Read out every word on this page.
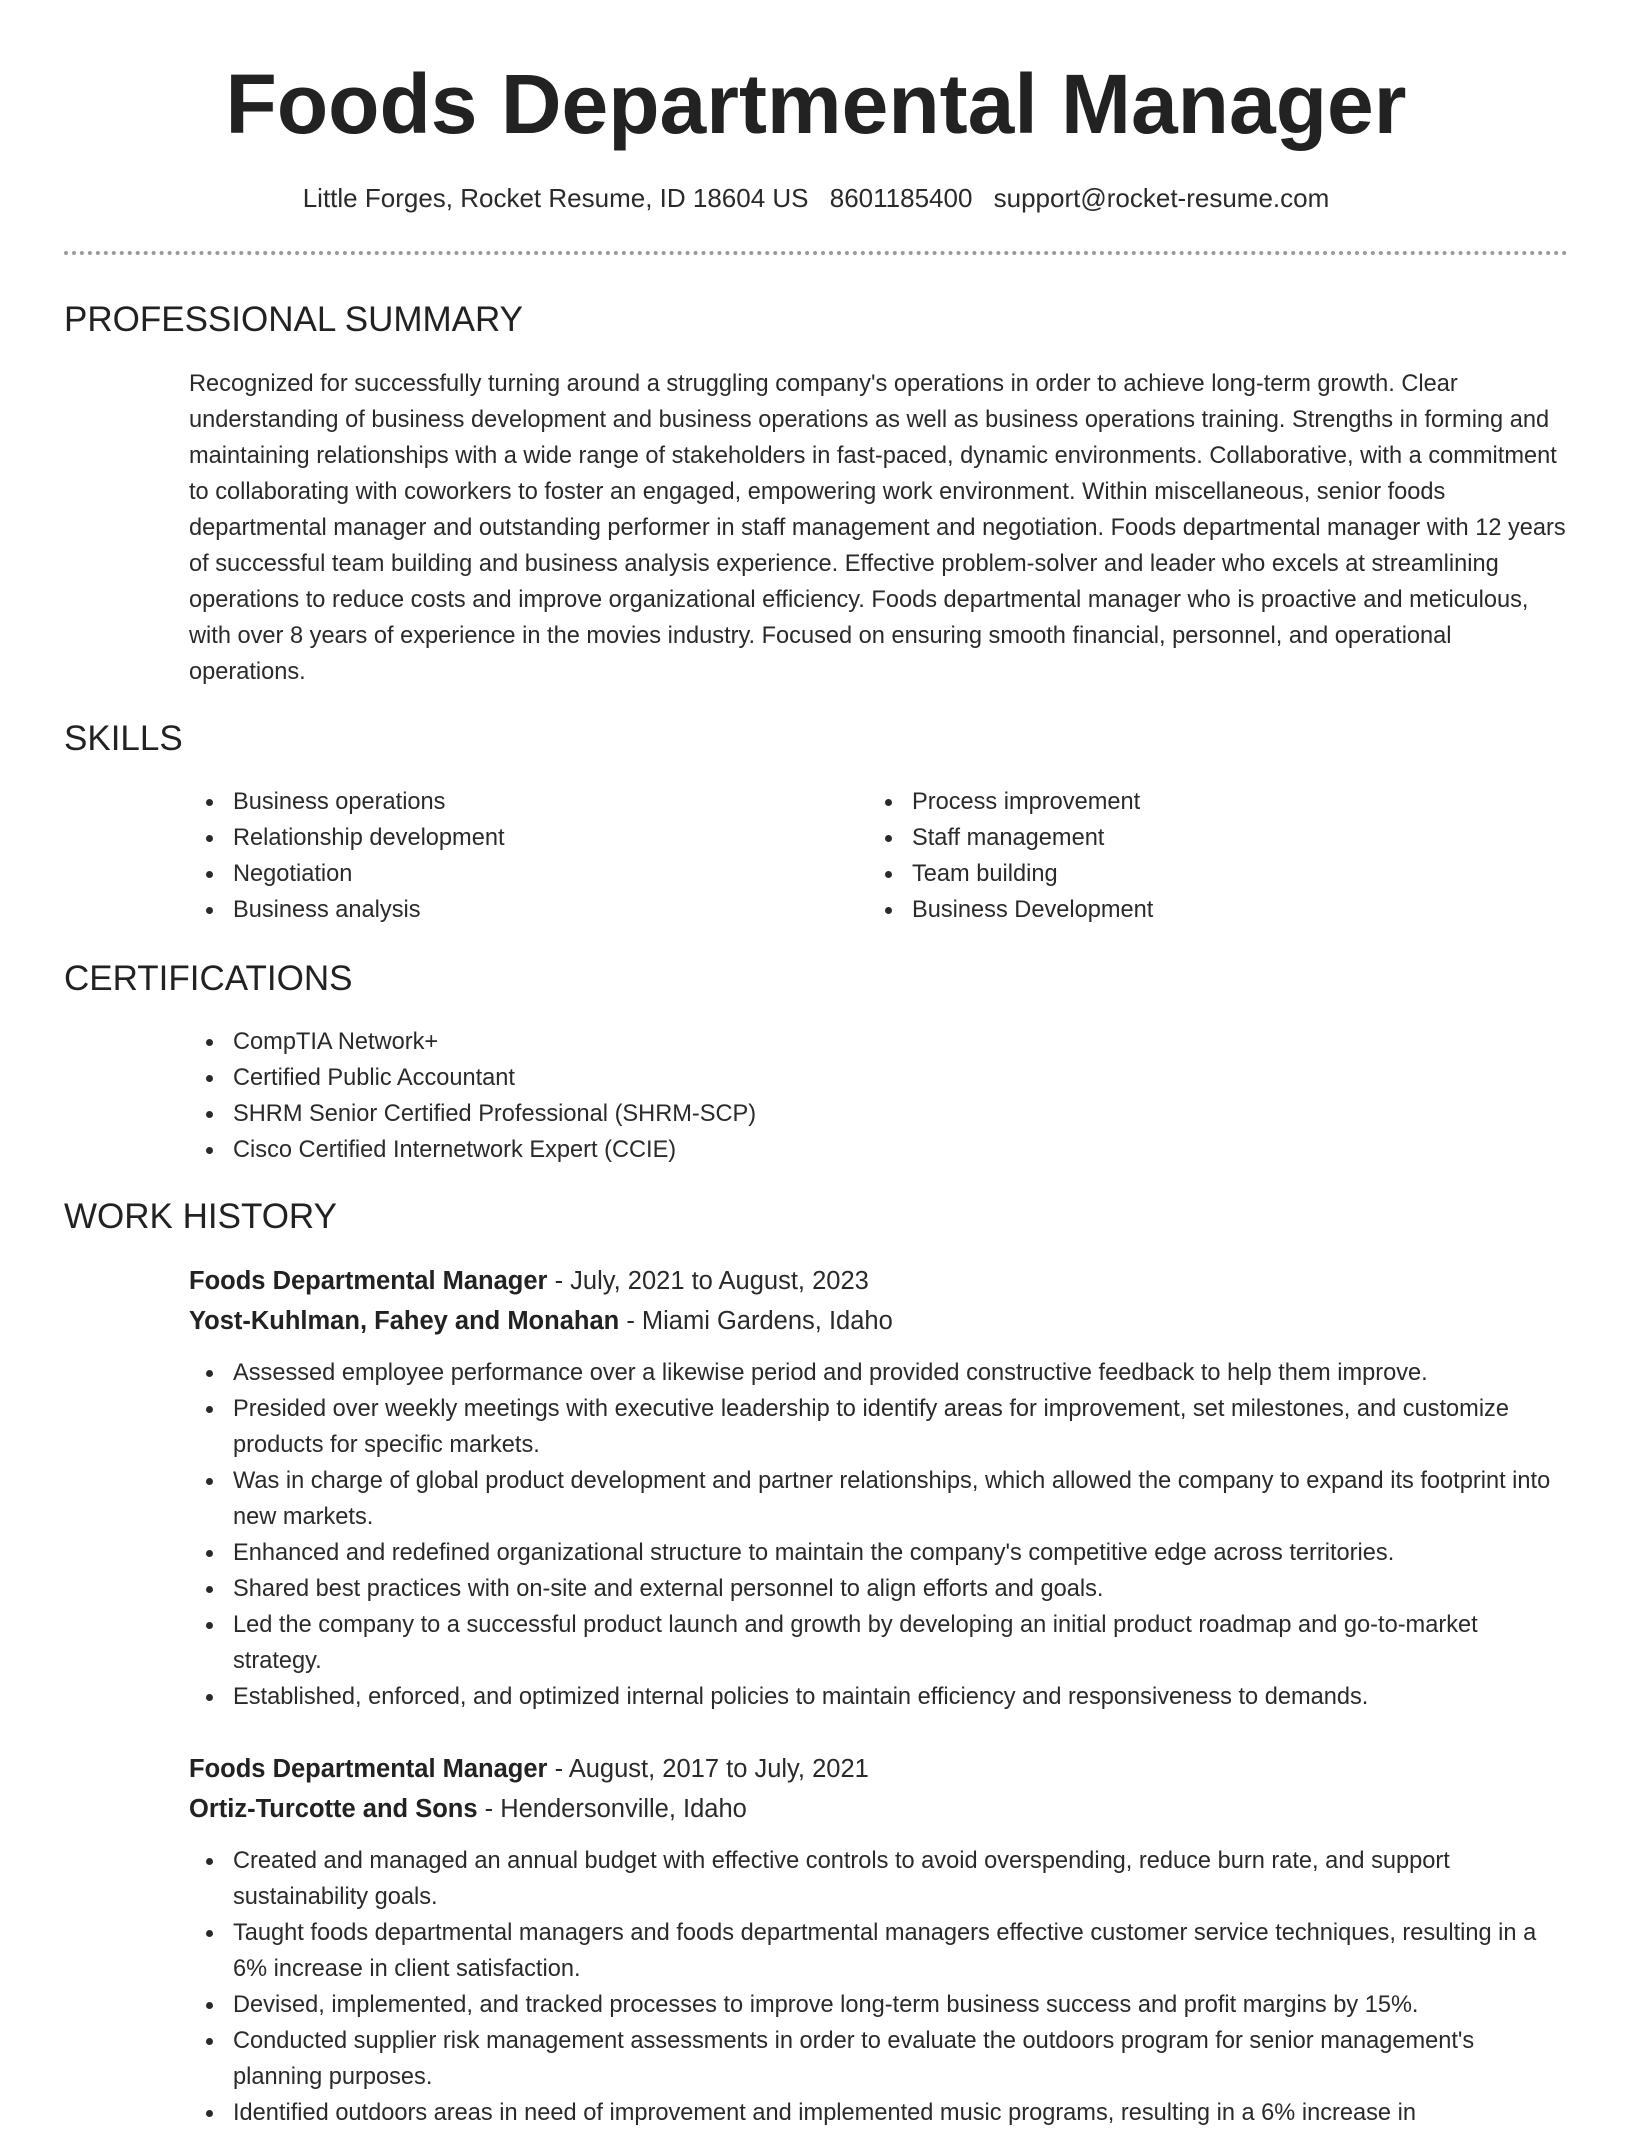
Foods Departmental Manager
Little Forges, Rocket Resume, ID 18604 US 8601185400 support@rocket-resume.com
PROFESSIONAL SUMMARY

Recognized for successfully turning around a struggling company's operations in order to achieve long-term growth. Clear understanding of business development and business operations as well as business operations training. Strengths in forming and maintaining relationships with a wide range of stakeholders in fast-paced, dynamic environments. Collaborative, with a commitment to collaborating with coworkers to foster an engaged, empowering work environment. Within miscellaneous, senior foods departmental manager and outstanding performer in staff management and negotiation. Foods departmental manager with 12 years of successful team building and business analysis experience. Effective problem-solver and leader who excels at streamlining operations to reduce costs and improve organizational efficiency. Foods departmental manager who is proactive and meticulous, with over 8 years of experience in the movies industry. Focused on ensuring smooth financial, personnel, and operational operations.

SKILLS
Business operations
Relationship development
Negotiation
Business analysis
Process improvement
Staff management
Team building
Business Development
CERTIFICATIONS
CompTIA Network+
Certified Public Accountant
SHRM Senior Certified Professional (SHRM-SCP)
Cisco Certified Internetwork Expert (CCIE)
WORK HISTORY

Foods Departmental Manager - July, 2021 to August, 2023

Yost-Kuhlman, Fahey and Monahan - Miami Gardens, Idaho

Assessed employee performance over a likewise period and provided constructive feedback to help them improve.
Presided over weekly meetings with executive leadership to identify areas for improvement, set milestones, and customize products for specific markets.
Was in charge of global product development and partner relationships, which allowed the company to expand its footprint into new markets.
Enhanced and redefined organizational structure to maintain the company's competitive edge across territories.
Shared best practices with on-site and external personnel to align efforts and goals.
Led the company to a successful product launch and growth by developing an initial product roadmap and go-to-market strategy.
Established, enforced, and optimized internal policies to maintain efficiency and responsiveness to demands.

Foods Departmental Manager - August, 2017 to July, 2021

Ortiz-Turcotte and Sons - Hendersonville, Idaho

Created and managed an annual budget with effective controls to avoid overspending, reduce burn rate, and support sustainability goals.
Taught foods departmental managers and foods departmental managers effective customer service techniques, resulting in a 6% increase in client satisfaction.
Devised, implemented, and tracked processes to improve long-term business success and profit margins by 15%.
Conducted supplier risk management assessments in order to evaluate the outdoors program for senior management's planning purposes.
Identified outdoors areas in need of improvement and implemented music programs, resulting in a 6% increase in
